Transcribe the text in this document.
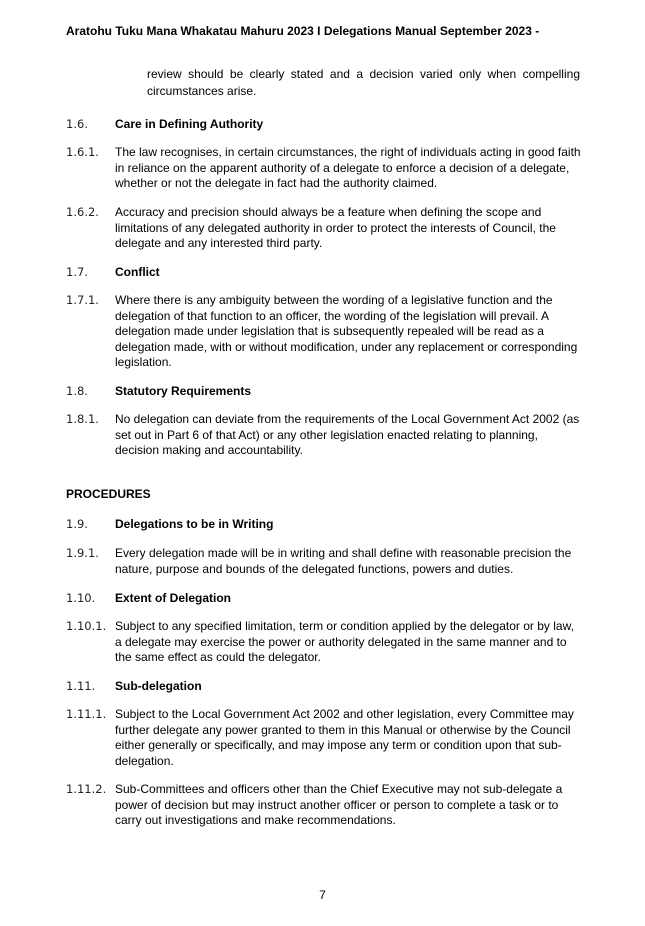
Aratohu Tuku Mana Whakatau Mahuru 2023 I Delegations Manual September 2023 -
review should be clearly stated and a decision varied only when compelling circumstances arise.
1.6. Care in Defining Authority
1.6.1. The law recognises, in certain circumstances, the right of individuals acting in good faith in reliance on the apparent authority of a delegate to enforce a decision of a delegate, whether or not the delegate in fact had the authority claimed.
1.6.2. Accuracy and precision should always be a feature when defining the scope and limitations of any delegated authority in order to protect the interests of Council, the delegate and any interested third party.
1.7. Conflict
1.7.1. Where there is any ambiguity between the wording of a legislative function and the delegation of that function to an officer, the wording of the legislation will prevail. A delegation made under legislation that is subsequently repealed will be read as a delegation made, with or without modification, under any replacement or corresponding legislation.
1.8. Statutory Requirements
1.8.1. No delegation can deviate from the requirements of the Local Government Act 2002 (as set out in Part 6 of that Act) or any other legislation enacted relating to planning, decision making and accountability.
PROCEDURES
1.9. Delegations to be in Writing
1.9.1. Every delegation made will be in writing and shall define with reasonable precision the nature, purpose and bounds of the delegated functions, powers and duties.
1.10. Extent of Delegation
1.10.1. Subject to any specified limitation, term or condition applied by the delegator or by law, a delegate may exercise the power or authority delegated in the same manner and to the same effect as could the delegator.
1.11. Sub-delegation
1.11.1. Subject to the Local Government Act 2002 and other legislation, every Committee may further delegate any power granted to them in this Manual or otherwise by the Council either generally or specifically, and may impose any term or condition upon that sub-delegation.
1.11.2. Sub-Committees and officers other than the Chief Executive may not sub-delegate a power of decision but may instruct another officer or person to complete a task or to carry out investigations and make recommendations.
7
